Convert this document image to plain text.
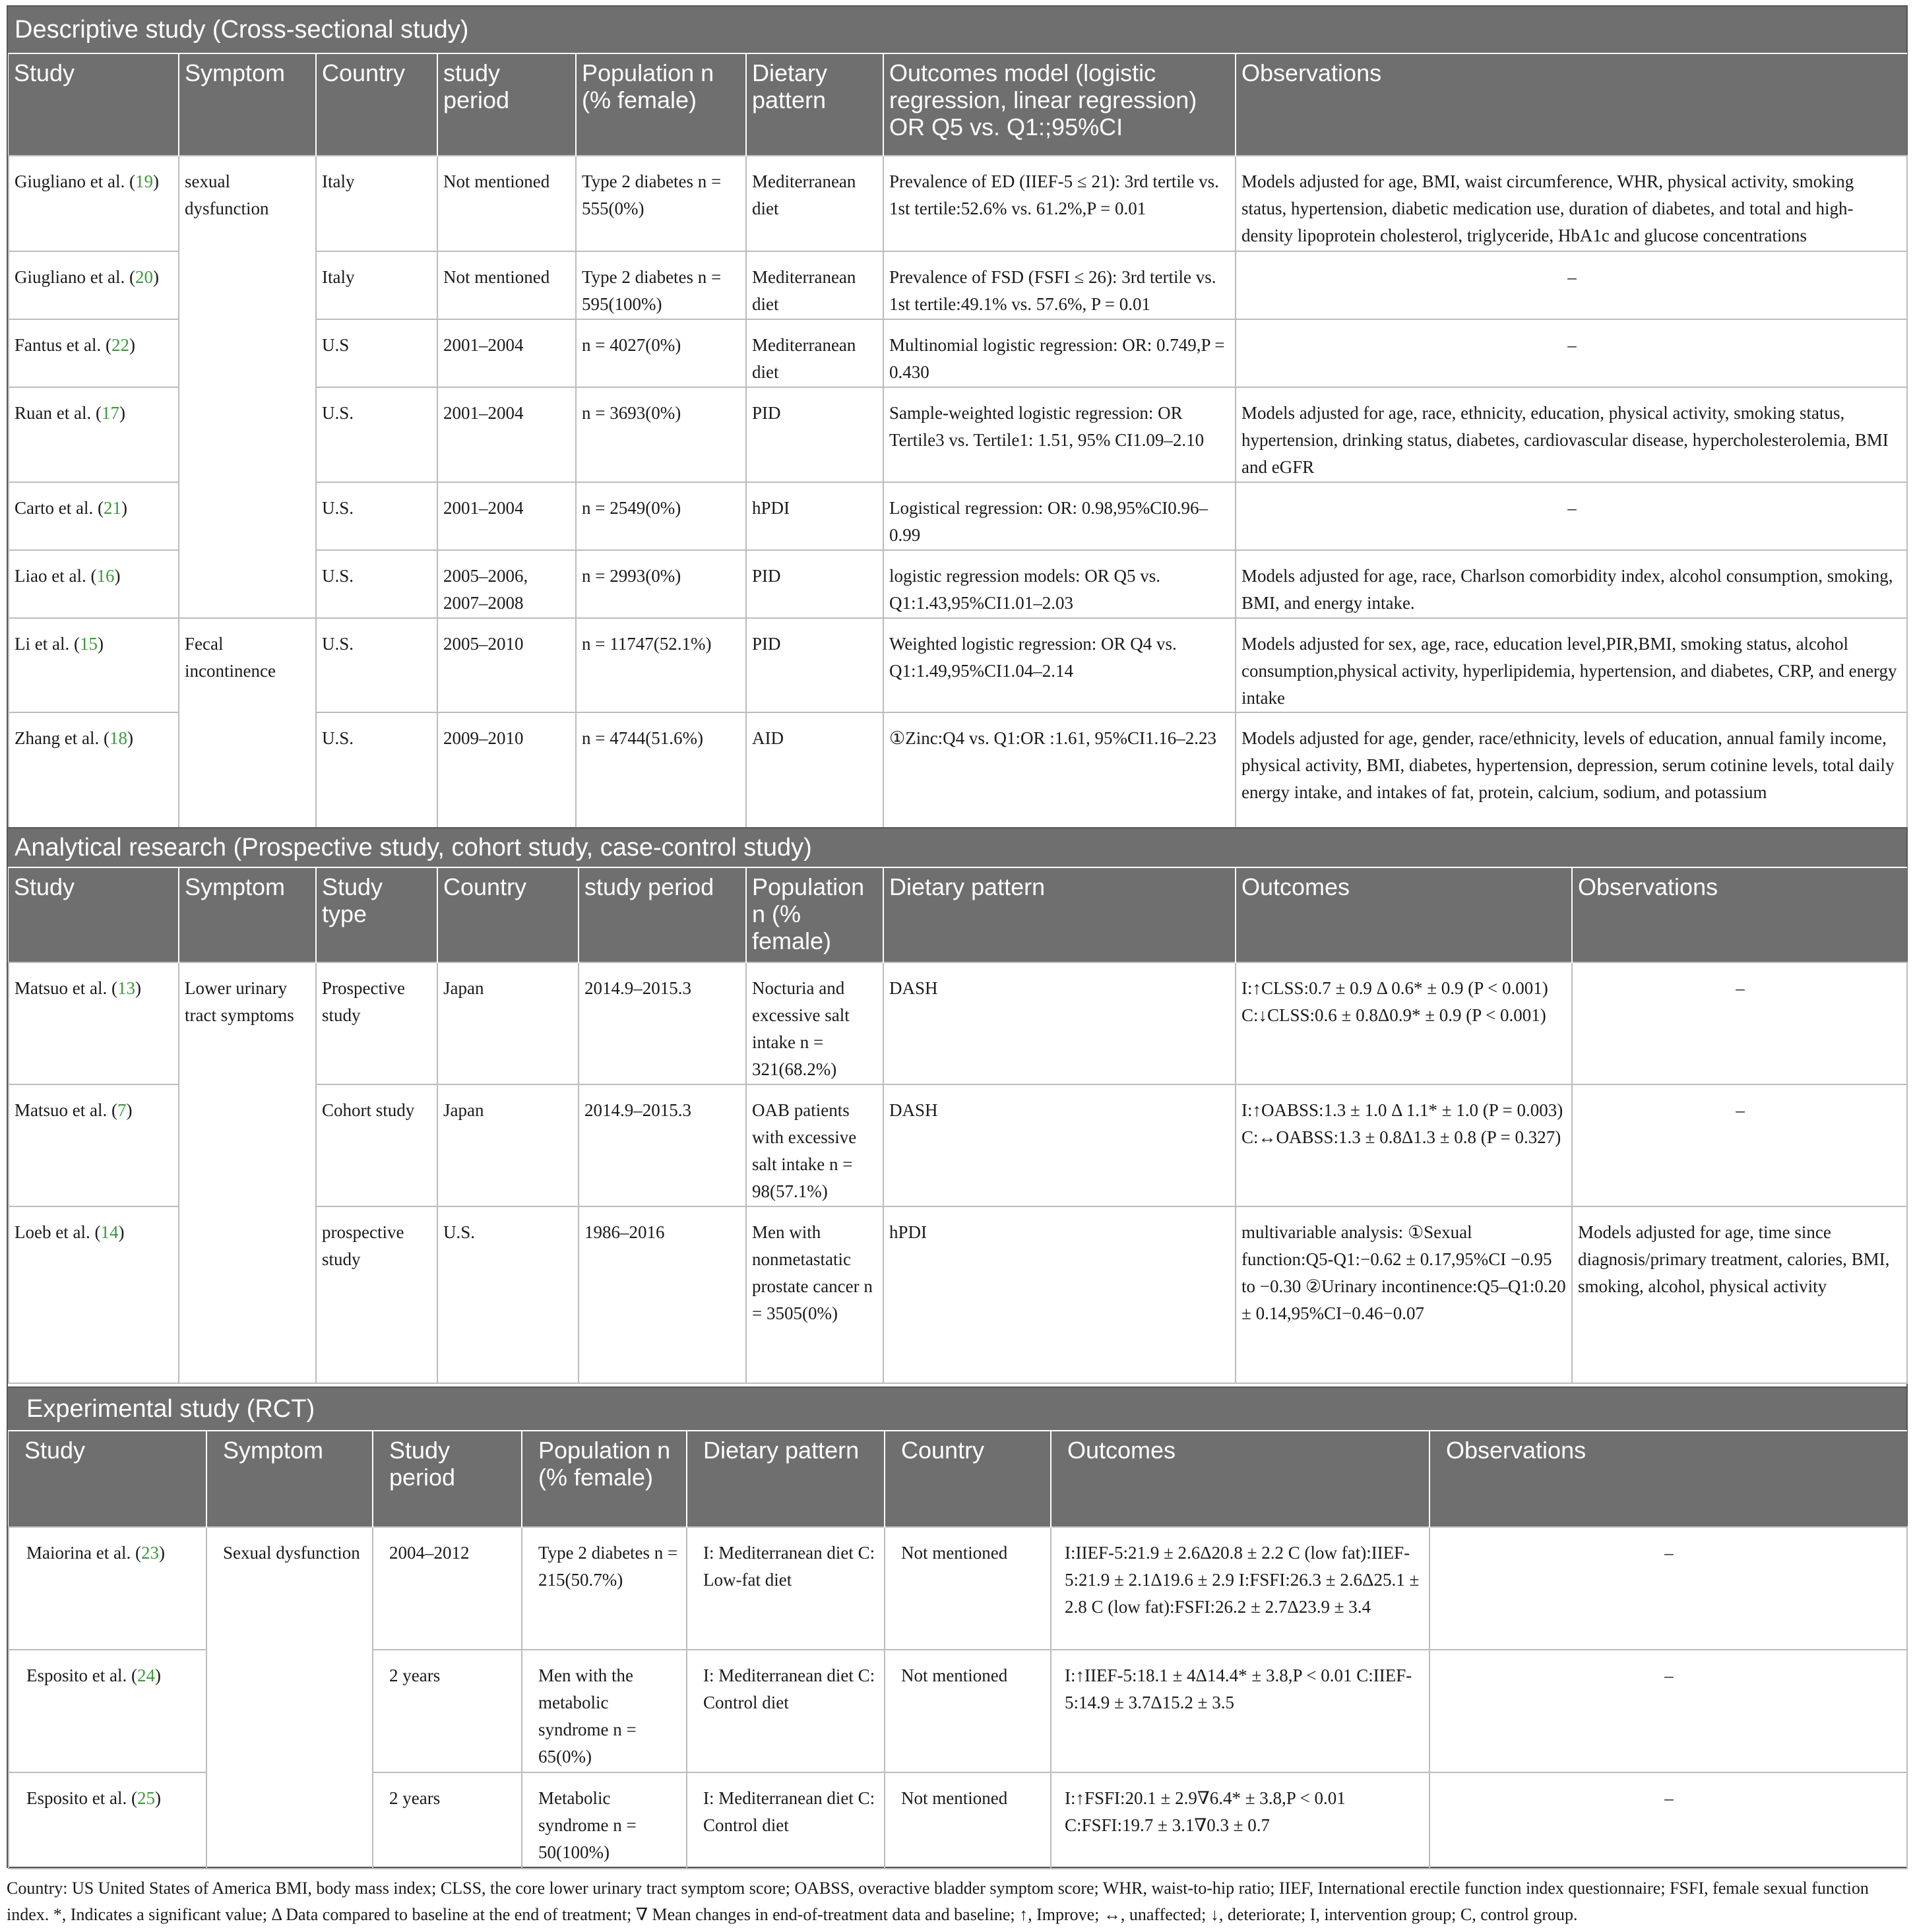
Descriptive study (Cross-sectional study)
Study	Symptom	Country	study period	Population n (% female)	Dietary pattern	Outcomes model (logistic regression, linear regression) OR Q5 vs. Q1:;95%CI	Observations
Giugliano et al. (19)	sexual dysfunction	Italy	Not mentioned	Type 2 diabetes n = 555(0%)	Mediterranean diet	Prevalence of ED (IIEF-5 ≤ 21): 3rd tertile vs. 1st tertile:52.6% vs. 61.2%,P = 0.01	Models adjusted for age, BMI, waist circumference, WHR, physical activity, smoking status, hypertension, diabetic medication use, duration of diabetes, and total and high-density lipoprotein cholesterol, triglyceride, HbA1c and glucose concentrations
Giugliano et al. (20)		Italy	Not mentioned	Type 2 diabetes n = 595(100%)	Mediterranean diet	Prevalence of FSD (FSFI ≤ 26): 3rd tertile vs. 1st tertile:49.1% vs. 57.6%, P = 0.01	–
Fantus et al. (22)		U.S	2001–2004	n = 4027(0%)	Mediterranean diet	Multinomial logistic regression: OR: 0.749,P = 0.430	–
Ruan et al. (17)		U.S.	2001–2004	n = 3693(0%)	PID	Sample-weighted logistic regression: OR Tertile3 vs. Tertile1: 1.51, 95% CI1.09–2.10	Models adjusted for age, race, ethnicity, education, physical activity, smoking status, hypertension, drinking status, diabetes, cardiovascular disease, hypercholesterolemia, BMI and eGFR
Carto et al. (21)		U.S.	2001–2004	n = 2549(0%)	hPDI	Logistical regression: OR: 0.98,95%CI0.96–0.99	–
Liao et al. (16)		U.S.	2005–2006, 2007–2008	n = 2993(0%)	PID	logistic regression models: OR Q5 vs. Q1:1.43,95%CI1.01–2.03	Models adjusted for age, race, Charlson comorbidity index, alcohol consumption, smoking, BMI, and energy intake.
Li et al. (15)	Fecal incontinence	U.S.	2005–2010	n = 11747(52.1%)	PID	Weighted logistic regression: OR Q4 vs. Q1:1.49,95%CI1.04–2.14	Models adjusted for sex, age, race, education level,PIR,BMI, smoking status, alcohol consumption,physical activity, hyperlipidemia, hypertension, and diabetes, CRP, and energy intake
Zhang et al. (18)		U.S.	2009–2010	n = 4744(51.6%)	AID	①Zinc:Q4 vs. Q1:OR :1.61, 95%CI1.16–2.23	Models adjusted for age, gender, race/ethnicity, levels of education, annual family income, physical activity, BMI, diabetes, hypertension, depression, serum cotinine levels, total daily energy intake, and intakes of fat, protein, calcium, sodium, and potassium
Analytical research (Prospective study, cohort study, case-control study)
Study	Symptom	Study type	Country	study period	Population n (% female)	Dietary pattern	Outcomes	Observations
Matsuo et al. (13)	Lower urinary tract symptoms	Prospective study	Japan	2014.9–2015.3	Nocturia and excessive salt intake n = 321(68.2%)	DASH	I:↑CLSS:0.7 ± 0.9 Δ 0.6* ± 0.9 (P < 0.001) C:↓CLSS:0.6 ± 0.8Δ0.9* ± 0.9 (P < 0.001)	–
Matsuo et al. (7)		Cohort study	Japan	2014.9–2015.3	OAB patients with excessive salt intake n = 98(57.1%)	DASH	I:↑OABSS:1.3 ± 1.0 Δ 1.1* ± 1.0 (P = 0.003) C:↔OABSS:1.3 ± 0.8Δ1.3 ± 0.8 (P = 0.327)	–
Loeb et al. (14)		prospective study	U.S.	1986–2016	Men with nonmetastatic prostate cancer n = 3505(0%)	hPDI	multivariable analysis: ①Sexual function:Q5-Q1:−0.62 ± 0.17,95%CI −0.95 to −0.30 ②Urinary incontinence:Q5–Q1:0.20 ± 0.14,95%CI−0.46−0.07	Models adjusted for age, time since diagnosis/primary treatment, calories, BMI, smoking, alcohol, physical activity
Experimental study (RCT)
Study	Symptom	Study period	Population n (% female)	Dietary pattern	Country	Outcomes	Observations
Maiorina et al. (23)	Sexual dysfunction	2004–2012	Type 2 diabetes n = 215(50.7%)	I: Mediterranean diet C: Low-fat diet	Not mentioned	I:IIEF-5:21.9 ± 2.6Δ20.8 ± 2.2 C (low fat):IIEF-5:21.9 ± 2.1Δ19.6 ± 2.9 I:FSFI:26.3 ± 2.6Δ25.1 ± 2.8 C (low fat):FSFI:26.2 ± 2.7Δ23.9 ± 3.4	–
Esposito et al. (24)		2 years	Men with the metabolic syndrome n = 65(0%)	I: Mediterranean diet C: Control diet	Not mentioned	I:↑IIEF-5:18.1 ± 4Δ14.4* ± 3.8,P < 0.01 C:IIEF-5:14.9 ± 3.7Δ15.2 ± 3.5	–
Esposito et al. (25)		2 years	Metabolic syndrome n = 50(100%)	I: Mediterranean diet C: Control diet	Not mentioned	I:↑FSFI:20.1 ± 2.9∇6.4* ± 3.8,P < 0.01 C:FSFI:19.7 ± 3.1∇0.3 ± 0.7	–
Country: US United States of America BMI, body mass index; CLSS, the core lower urinary tract symptom score; OABSS, overactive bladder symptom score; WHR, waist-to-hip ratio; IIEF, International erectile function index questionnaire; FSFI, female sexual function index. *, Indicates a significant value; Δ Data compared to baseline at the end of treatment; ∇ Mean changes in end-of-treatment data and baseline; ↑, Improve; ↔, unaffected; ↓, deteriorate; I, intervention group; C, control group.
